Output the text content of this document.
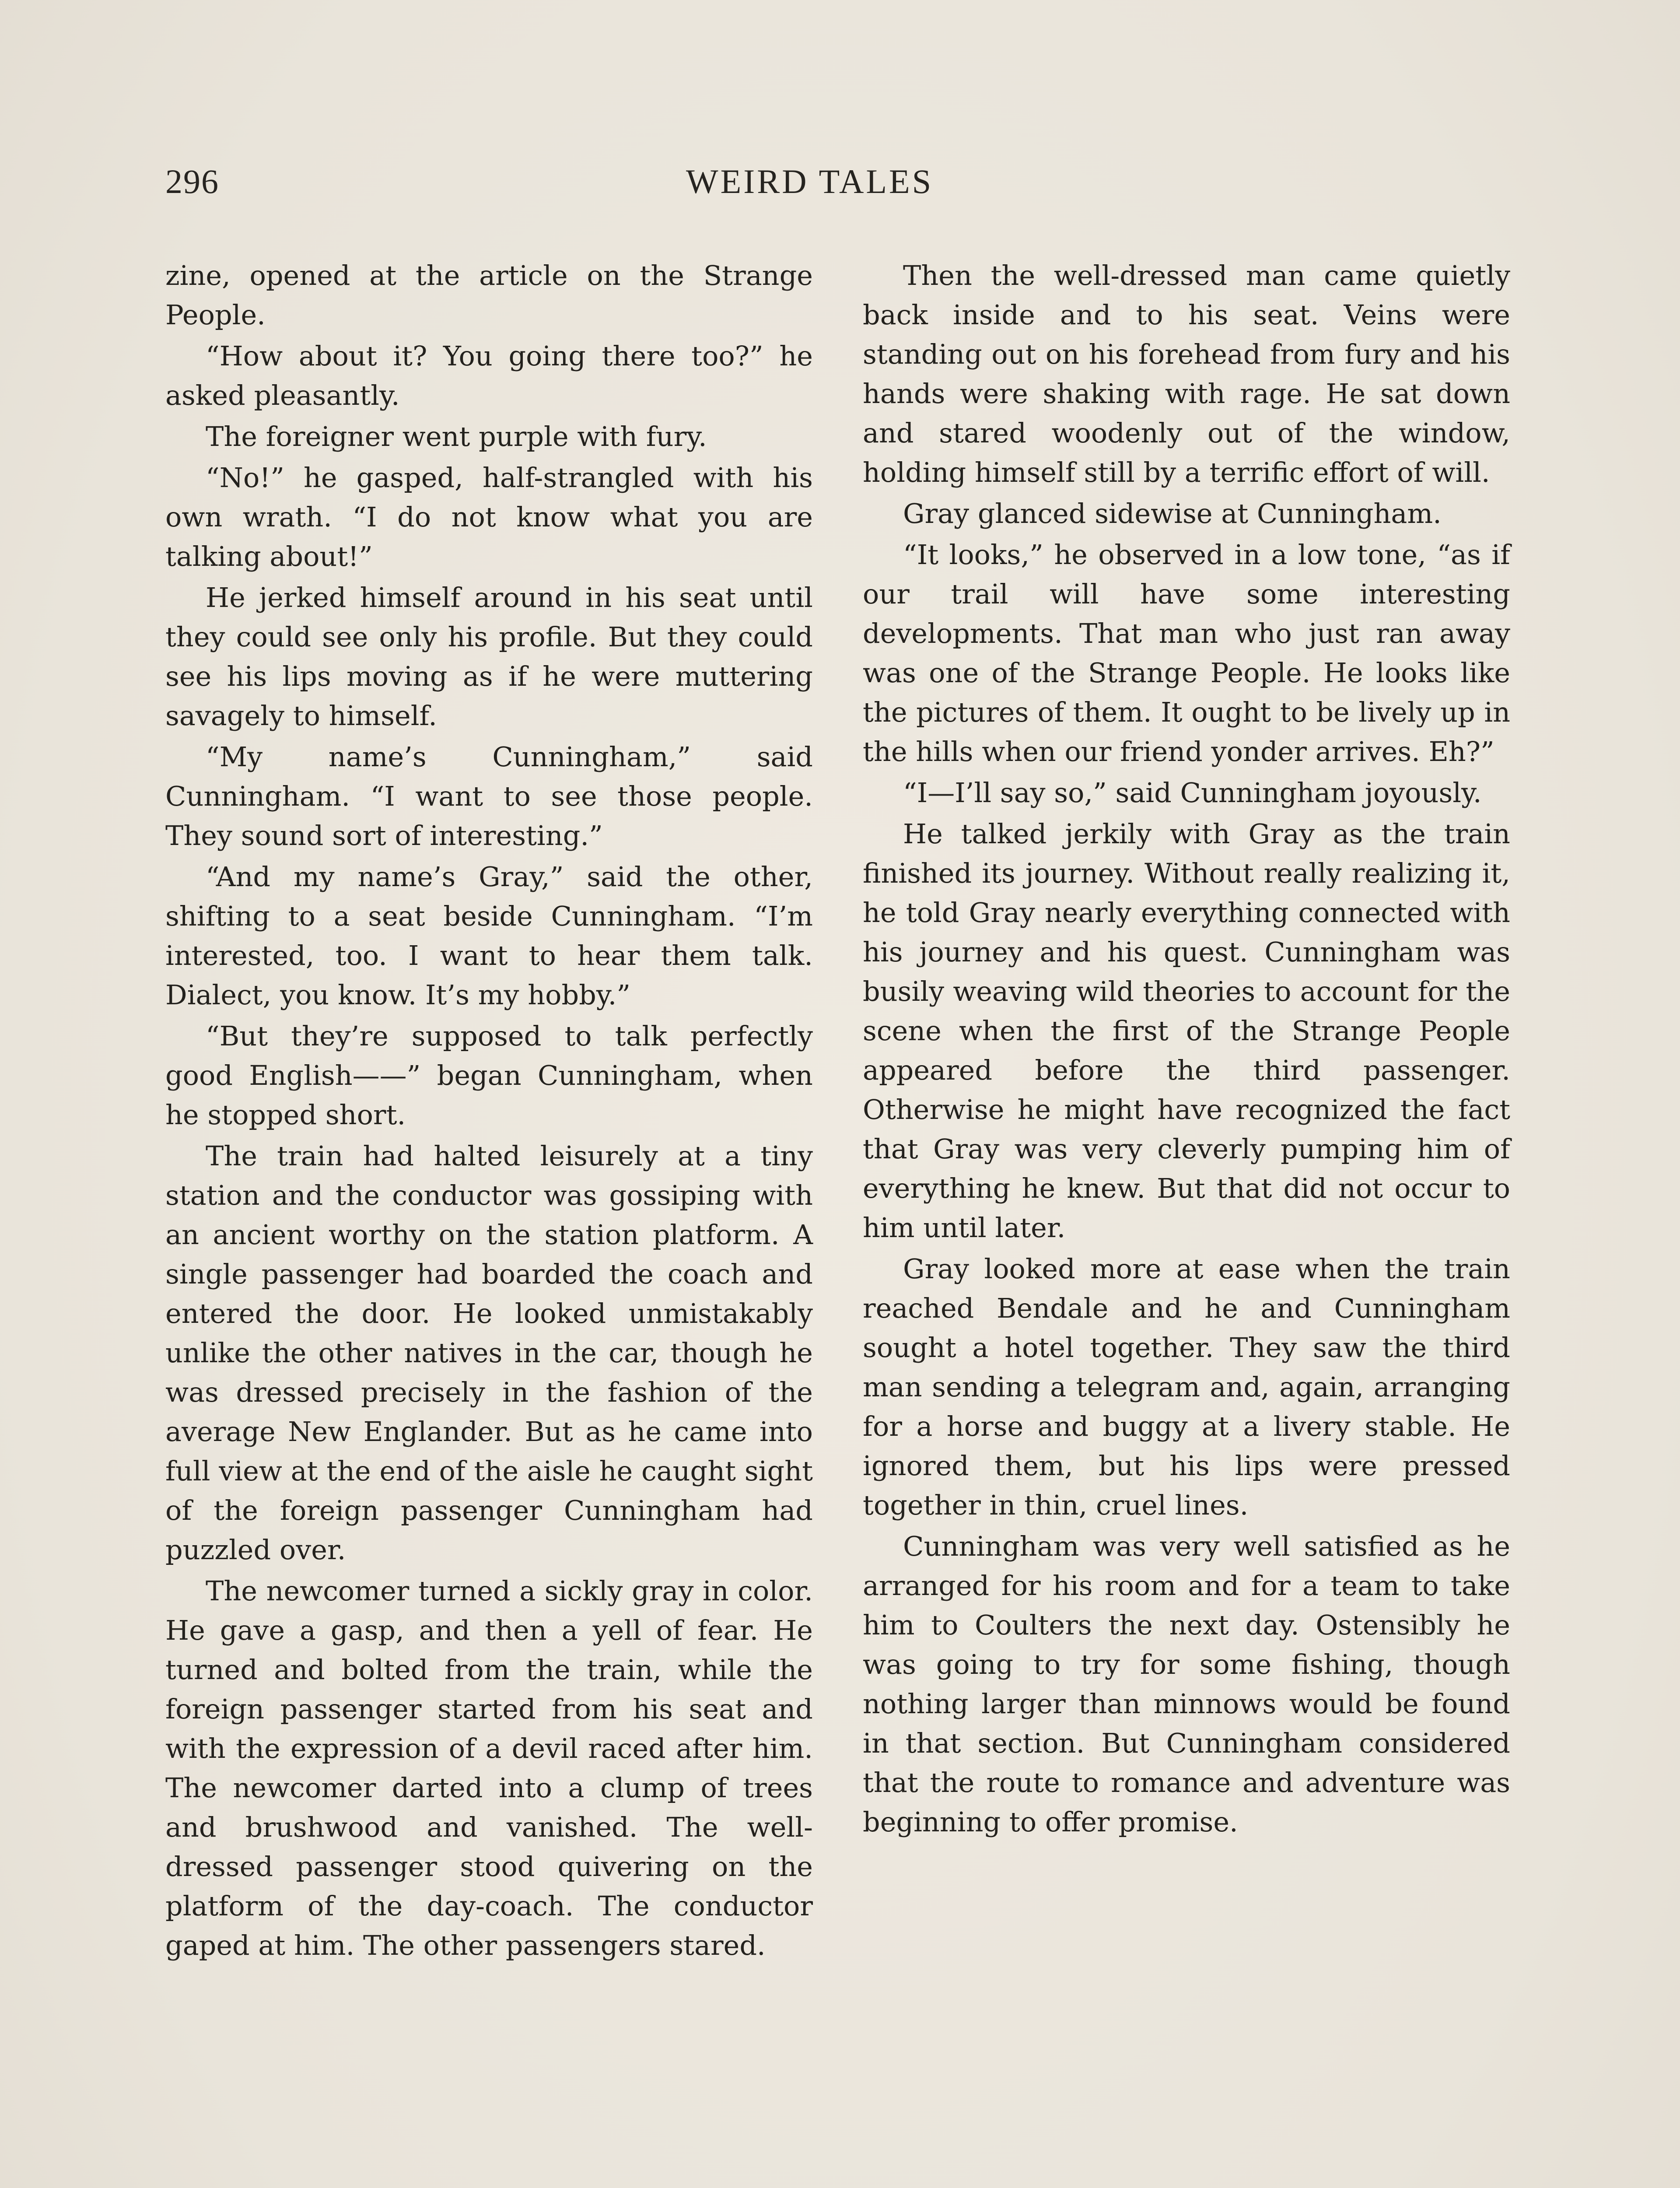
296	WEIRD TALES

zine, opened at the article on the Strange People.

“How about it? You going there too?” he asked pleasantly.

The foreigner went purple with fury.

“No!” he gasped, half-strangled with his own wrath. “I do not know what you are talking about!”

He jerked himself around in his seat until they could see only his profile. But they could see his lips moving as if he were muttering savagely to himself.

“My name’s Cunningham,” said Cunningham. “I want to see those people. They sound sort of interesting.”

“And my name’s Gray,” said the other, shifting to a seat beside Cunningham. “I’m interested, too. I want to hear them talk. Dialect, you know. It’s my hobby.”

“But they’re supposed to talk perfectly good English——” began Cunningham, when he stopped short.

The train had halted leisurely at a tiny station and the conductor was gossiping with an ancient worthy on the station platform. A single passenger had boarded the coach and entered the door. He looked unmistakably unlike the other natives in the car, though he was dressed precisely in the fashion of the average New Englander. But as he came into full view at the end of the aisle he caught sight of the foreign passenger Cunningham had puzzled over.

The newcomer turned a sickly gray in color. He gave a gasp, and then a yell of fear. He turned and bolted from the train, while the foreign passenger started from his seat and with the expression of a devil raced after him. The newcomer darted into a clump of trees and brushwood and vanished. The well-dressed passenger stood quivering on the platform of the day-coach. The conductor gaped at him. The other passengers stared.

Then the well-dressed man came quietly back inside and to his seat. Veins were standing out on his forehead from fury and his hands were shaking with rage. He sat down and stared woodenly out of the window, holding himself still by a terrific effort of will.

Gray glanced sidewise at Cunningham.

“It looks,” he observed in a low tone, “as if our trail will have some interesting developments. That man who just ran away was one of the Strange People. He looks like the pictures of them. It ought to be lively up in the hills when our friend yonder arrives. Eh?”

“I—I’ll say so,” said Cunningham joyously.

He talked jerkily with Gray as the train finished its journey. Without really realizing it, he told Gray nearly everything connected with his journey and his quest. Cunningham was busily weaving wild theories to account for the scene when the first of the Strange People appeared before the third passenger. Otherwise he might have recognized the fact that Gray was very cleverly pumping him of everything he knew. But that did not occur to him until later.

Gray looked more at ease when the train reached Bendale and he and Cunningham sought a hotel together. They saw the third man sending a telegram and, again, arranging for a horse and buggy at a livery stable. He ignored them, but his lips were pressed together in thin, cruel lines.

Cunningham was very well satisfied as he arranged for his room and for a team to take him to Coulters the next day. Ostensibly he was going to try for some fishing, though nothing larger than minnows would be found in that section. But Cunningham considered that the route to romance and adventure was beginning to offer promise.
